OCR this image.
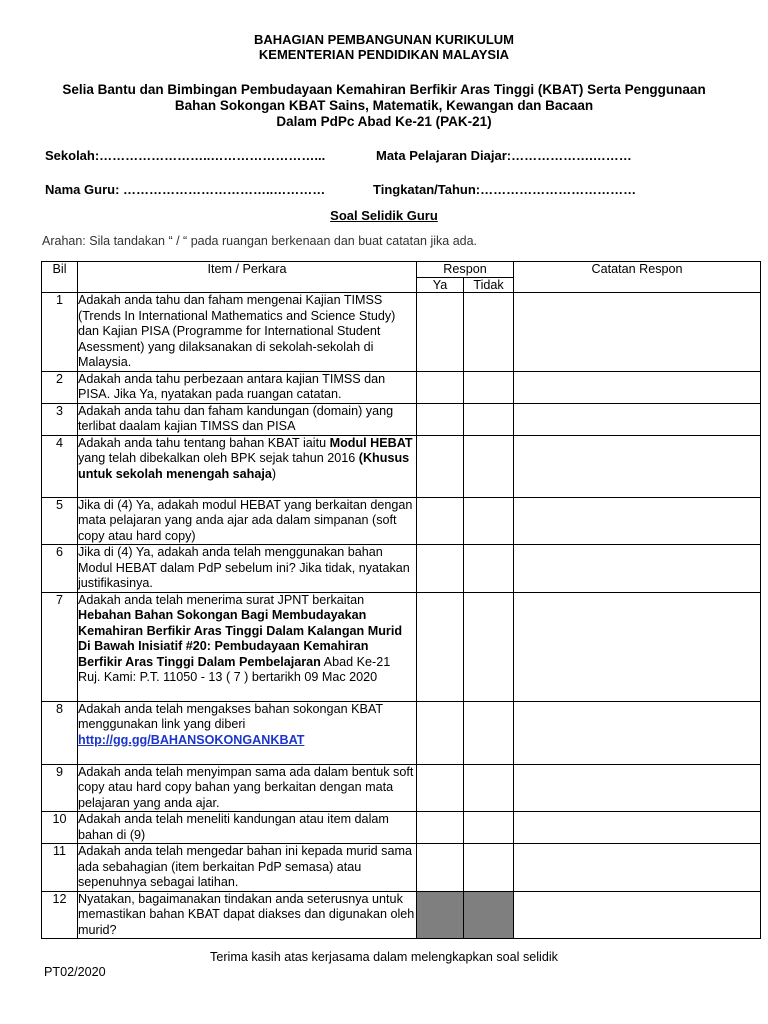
BAHAGIAN PEMBANGUNAN KURIKULUM
KEMENTERIAN PENDIDIKAN MALAYSIA
Selia Bantu dan Bimbingan Pembudayaan Kemahiran Berfikir Aras Tinggi (KBAT) Serta Penggunaan
Bahan Sokongan KBAT Sains, Matematik, Kewangan dan Bacaan
Dalam PdPc Abad Ke-21 (PAK-21)
Sekolah:……………………..……………………...	Mata Pelajaran Diajar:……………….………
Nama Guru: ……………………………..…………	Tingkatan/Tahun:………………………………
Soal Selidik Guru
Arahan: Sila tandakan “ / “ pada ruangan berkenaan dan buat catatan jika ada.
Bil	Item / Perkara	Respon		Catatan Respon
		Ya	Tidak	
1	Adakah anda tahu dan faham mengenai Kajian TIMSS (Trends In International Mathematics and Science Study) dan Kajian PISA (Programme for International Student Asessment) yang dilaksanakan di sekolah-sekolah di Malaysia.			
2	Adakah anda tahu perbezaan antara kajian TIMSS dan PISA. Jika Ya, nyatakan pada ruangan catatan.			
3	Adakah anda tahu dan faham kandungan (domain) yang terlibat daalam kajian TIMSS dan PISA			
4	Adakah anda tahu tentang bahan KBAT iaitu Modul HEBAT yang telah dibekalkan oleh BPK sejak tahun 2016 (Khusus untuk sekolah menengah sahaja)			
5	Jika di (4) Ya, adakah modul HEBAT yang berkaitan dengan mata pelajaran yang anda ajar ada dalam simpanan (soft copy atau hard copy)			
6	Jika di (4) Ya, adakah anda telah menggunakan bahan Modul HEBAT dalam PdP sebelum ini? Jika tidak, nyatakan justifikasinya.			
7	Adakah anda telah menerima surat JPNT berkaitan Hebahan Bahan Sokongan Bagi Membudayakan Kemahiran Berfikir Aras Tinggi Dalam Kalangan Murid Di Bawah Inisiatif #20: Pembudayaan Kemahiran Berfikir Aras Tinggi Dalam Pembelajaran Abad Ke-21 Ruj. Kami: P.T. 11050 - 13 ( 7 ) bertarikh 09 Mac 2020			
8	Adakah anda telah mengakses bahan sokongan KBAT menggunakan link yang diberi
http://gg.gg/BAHANSOKONGANKBAT			
9	Adakah anda telah menyimpan sama ada dalam bentuk soft copy atau hard copy bahan yang berkaitan dengan mata pelajaran yang anda ajar.			
10	Adakah anda telah meneliti kandungan atau item dalam bahan di (9)			
11	Adakah anda telah mengedar bahan ini kepada murid sama ada sebahagian (item berkaitan PdP semasa) atau sepenuhnya sebagai latihan.			
12	Nyatakan, bagaimanakan tindakan anda seterusnya untuk memastikan bahan KBAT dapat diakses dan digunakan oleh murid?			
Terima kasih atas kerjasama dalam melengkapkan soal selidik
PT02/2020
